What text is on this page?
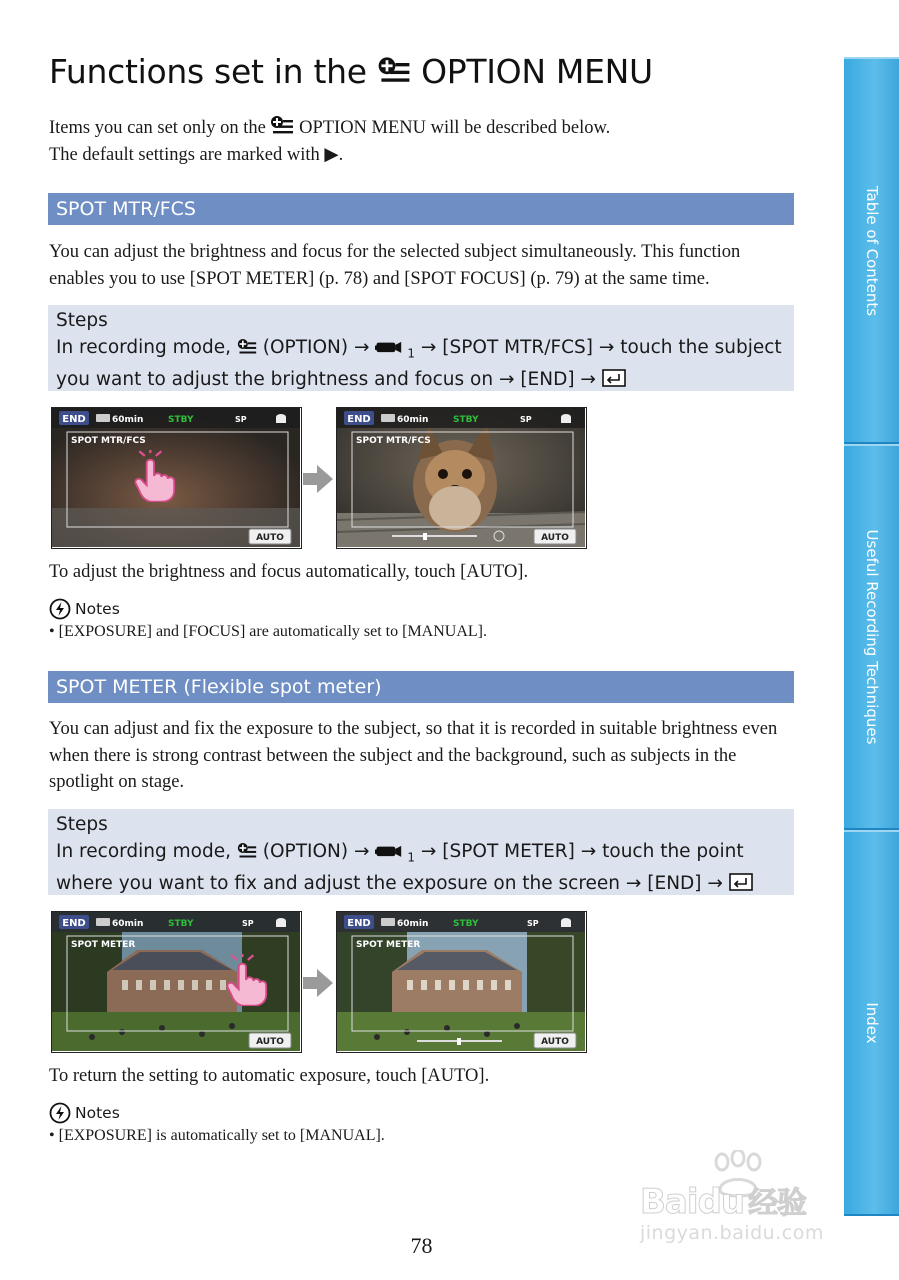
Functions set in the OPTION MENU
Items you can set only on the OPTION MENU will be described below.
The default settings are marked with ▶.
SPOT MTR/FCS
You can adjust the brightness and focus for the selected subject simultaneously. This function enables you to use [SPOT METER] (p. 78) and [SPOT FOCUS] (p. 79) at the same time.
Steps
In recording mode, (OPTION) →	$_1$ → [SPOT MTR/FCS] → touch the subject you want to adjust the brightness and focus on → [END] →
END	60min	STBY	SP
SPOT MTR/FCS
AUTO
END	60min	STBY	SP
SPOT MTR/FCS
AUTO
To adjust the brightness and focus automatically, touch [AUTO].
Notes
• [EXPOSURE] and [FOCUS] are automatically set to [MANUAL].
SPOT METER (Flexible spot meter)
You can adjust and fix the exposure to the subject, so that it is recorded in suitable brightness even when there is strong contrast between the subject and the background, such as subjects in the spotlight on stage.
Steps
In recording mode, (OPTION) →	$_1$ → [SPOT METER] → touch the point where you want to fix and adjust the exposure on the screen → [END] →
END	60min	STBY	SP
SPOT METER
AUTO
END	60min	STBY	SP
SPOT METER
AUTO
To return the setting to automatic exposure, touch [AUTO].
Notes
• [EXPOSURE] is automatically set to [MANUAL].
78
Table of Contents
Useful Recording Techniques
Index
Baidu 经验
jingyan.baidu.com
